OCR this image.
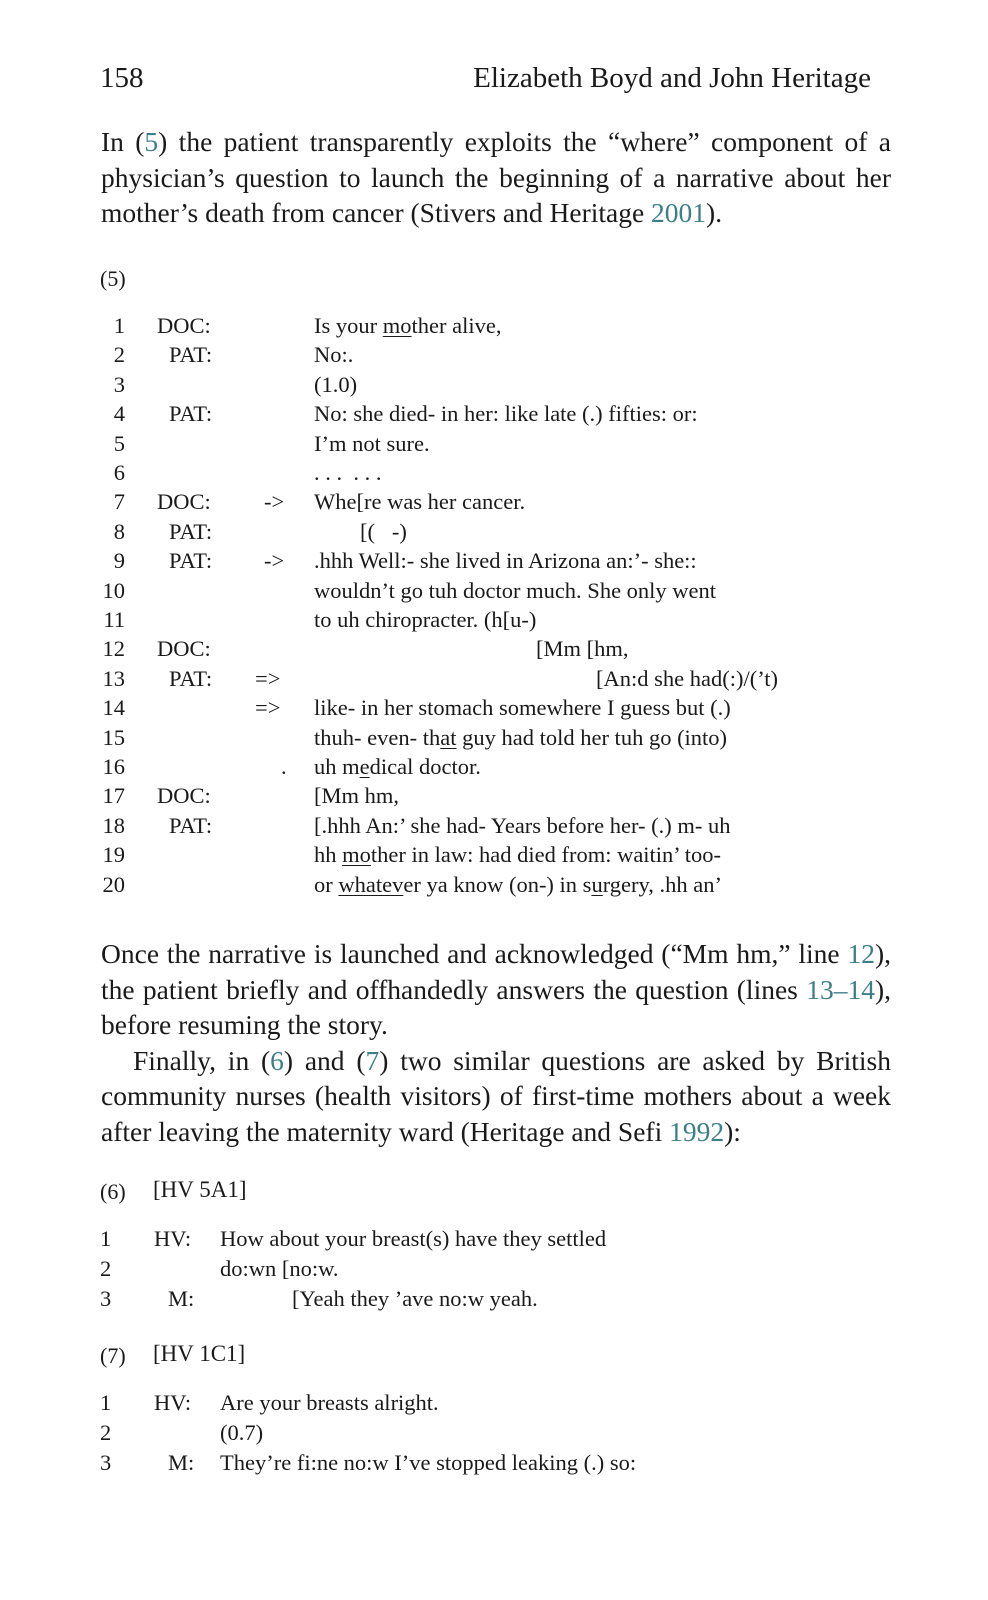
158	Elizabeth Boyd and John Heritage

In (5) the patient transparently exploits the “where” component of a physician’s question to launch the beginning of a narrative about her mother’s death from cancer (Stivers and Heritage 2001).

(5)
1 DOC:	Is your mother alive,
2 PAT:	No:.
3	(1.0)
4 PAT:	No: she died- in her: like late (.) fifties: or:
5	I’m not sure.
6	. . .  . . .
7 DOC: -> Whe[re was her cancer.
8 PAT:	[(   -)
9 PAT: -> .hhh Well:- she lived in Arizona an:’- she::
10	wouldn’t go tuh doctor much. She only went
11	to uh chiropracter. (h[u-)
12 DOC:	[Mm [hm,
13 PAT: =>	[An:d she had(:)/(’t)
14	=> like- in her stomach somewhere I guess but (.)
15	thuh- even- that guy had told her tuh go (into)
16	. uh medical doctor.
17 DOC:	[Mm hm,
18 PAT:	[.hhh An:’ she had- Years before her- (.) m- uh
19	hh mother in law: had died from: waitin’ too-
20	or whatever ya know (on-) in surgery, .hh an’

Once the narrative is launched and acknowledged (“Mm hm,” line 12), the patient briefly and offhandedly answers the question (lines 13–14), before resuming the story.

Finally, in (6) and (7) two similar questions are asked by British community nurses (health visitors) of first-time mothers about a week after leaving the maternity ward (Heritage and Sefi 1992):

(6) [HV 5A1]
1 HV: How about your breast(s) have they settled
2	do:wn [no:w.
3	M:	[Yeah they ’ave no:w yeah.
(7) [HV 1C1]
1 HV: Are your breasts alright.
2	(0.7)
3	M: They’re fi:ne no:w I’ve stopped leaking (.) so:
